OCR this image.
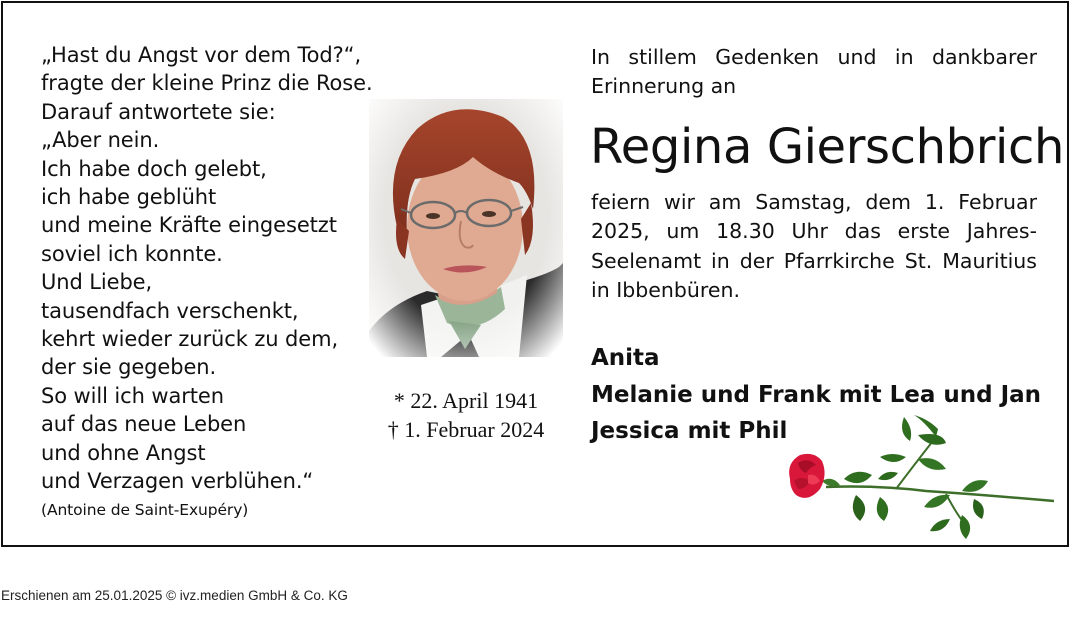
„Hast du Angst vor dem Tod?“,
fragte der kleine Prinz die Rose.
Darauf antwortete sie:
„Aber nein.
Ich habe doch gelebt,
ich habe geblüht
und meine Kräfte eingesetzt
soviel ich konnte.
Und Liebe,
tausendfach verschenkt,
kehrt wieder zurück zu dem,
der sie gegeben.
So will ich warten
auf das neue Leben
und ohne Angst
und Verzagen verblühen.“
(Antoine de Saint-Exupéry)
* 22. April 1941
† 1. Februar 2024
In stillem Gedenken und in dankbarer
Erinnerung an
Regina Gierschbrich
feiern wir am Samstag, dem 1. Februar
2025, um 18.30 Uhr das erste Jahres-
Seelenamt in der Pfarrkirche St. Mauritius
in Ibbenbüren.
Anita
Melanie und Frank mit Lea und Jan
Jessica mit Phil
Erschienen am 25.01.2025 © ivz.medien GmbH & Co. KG
